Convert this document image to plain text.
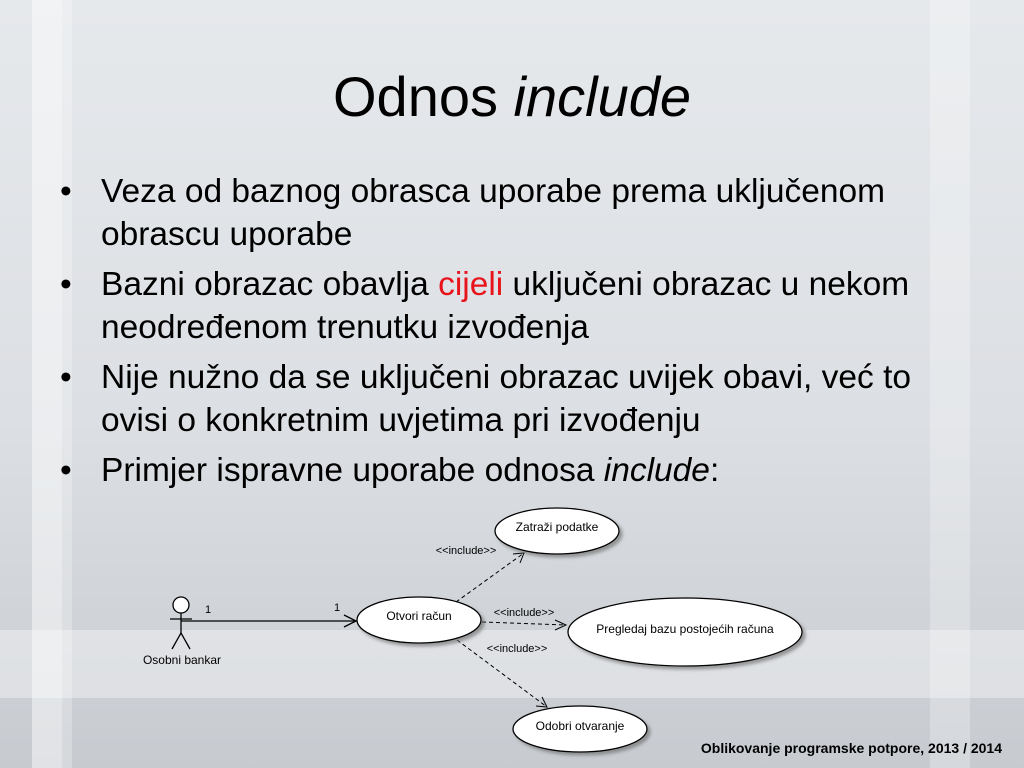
Odnos include
• Veza od baznog obrasca uporabe prema uključenom obrascu uporabe
• Bazni obrazac obavlja cijeli uključeni obrazac u nekom neodređenom trenutku izvođenja
• Nije nužno da se uključeni obrazac uvijek obavi, već to ovisi o konkretnim uvjetima pri izvođenju
• Primjer ispravne uporabe odnosa include:
Osobni bankar
1	1
<<include>>
<<include>>
<<include>>
Zatraži podatke
Otvori račun
Pregledaj bazu postojećih računa
Odobri otvaranje
Oblikovanje programske potpore, 2013 / 2014
